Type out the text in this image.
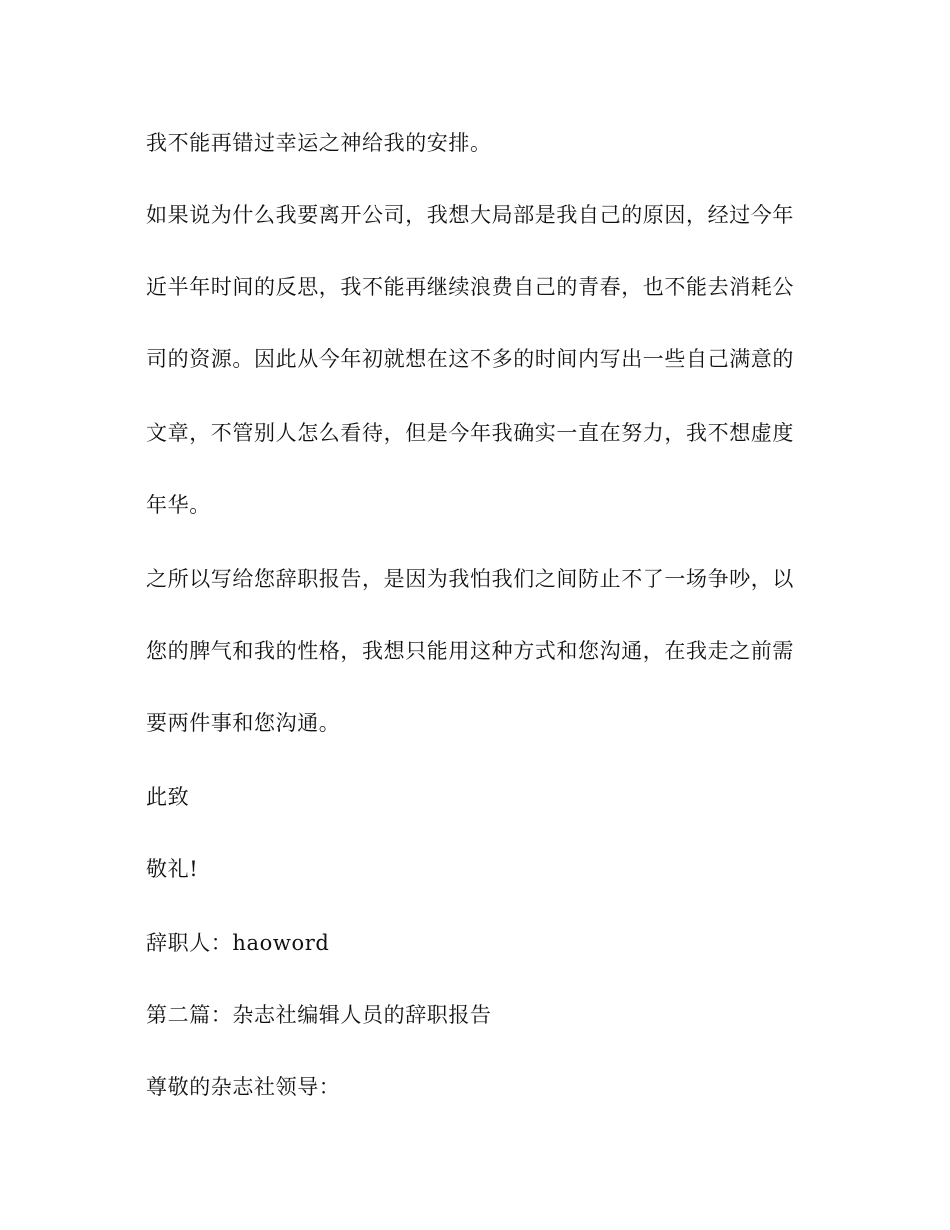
我不能再错过幸运之神给我的安排。
如果说为什么我要离开公司，我想大局部是我自己的原因，经过今年
近半年时间的反思，我不能再继续浪费自己的青春，也不能去消耗公
司的资源。因此从今年初就想在这不多的时间内写出一些自己满意的
文章，不管别人怎么看待，但是今年我确实一直在努力，我不想虚度
年华。
之所以写给您辞职报告，是因为我怕我们之间防止不了一场争吵，以
您的脾气和我的性格，我想只能用这种方式和您沟通，在我走之前需
要两件事和您沟通。
此致
敬礼!
辞职人：haoword
第二篇：杂志社编辑人员的辞职报告
尊敬的杂志社领导：
